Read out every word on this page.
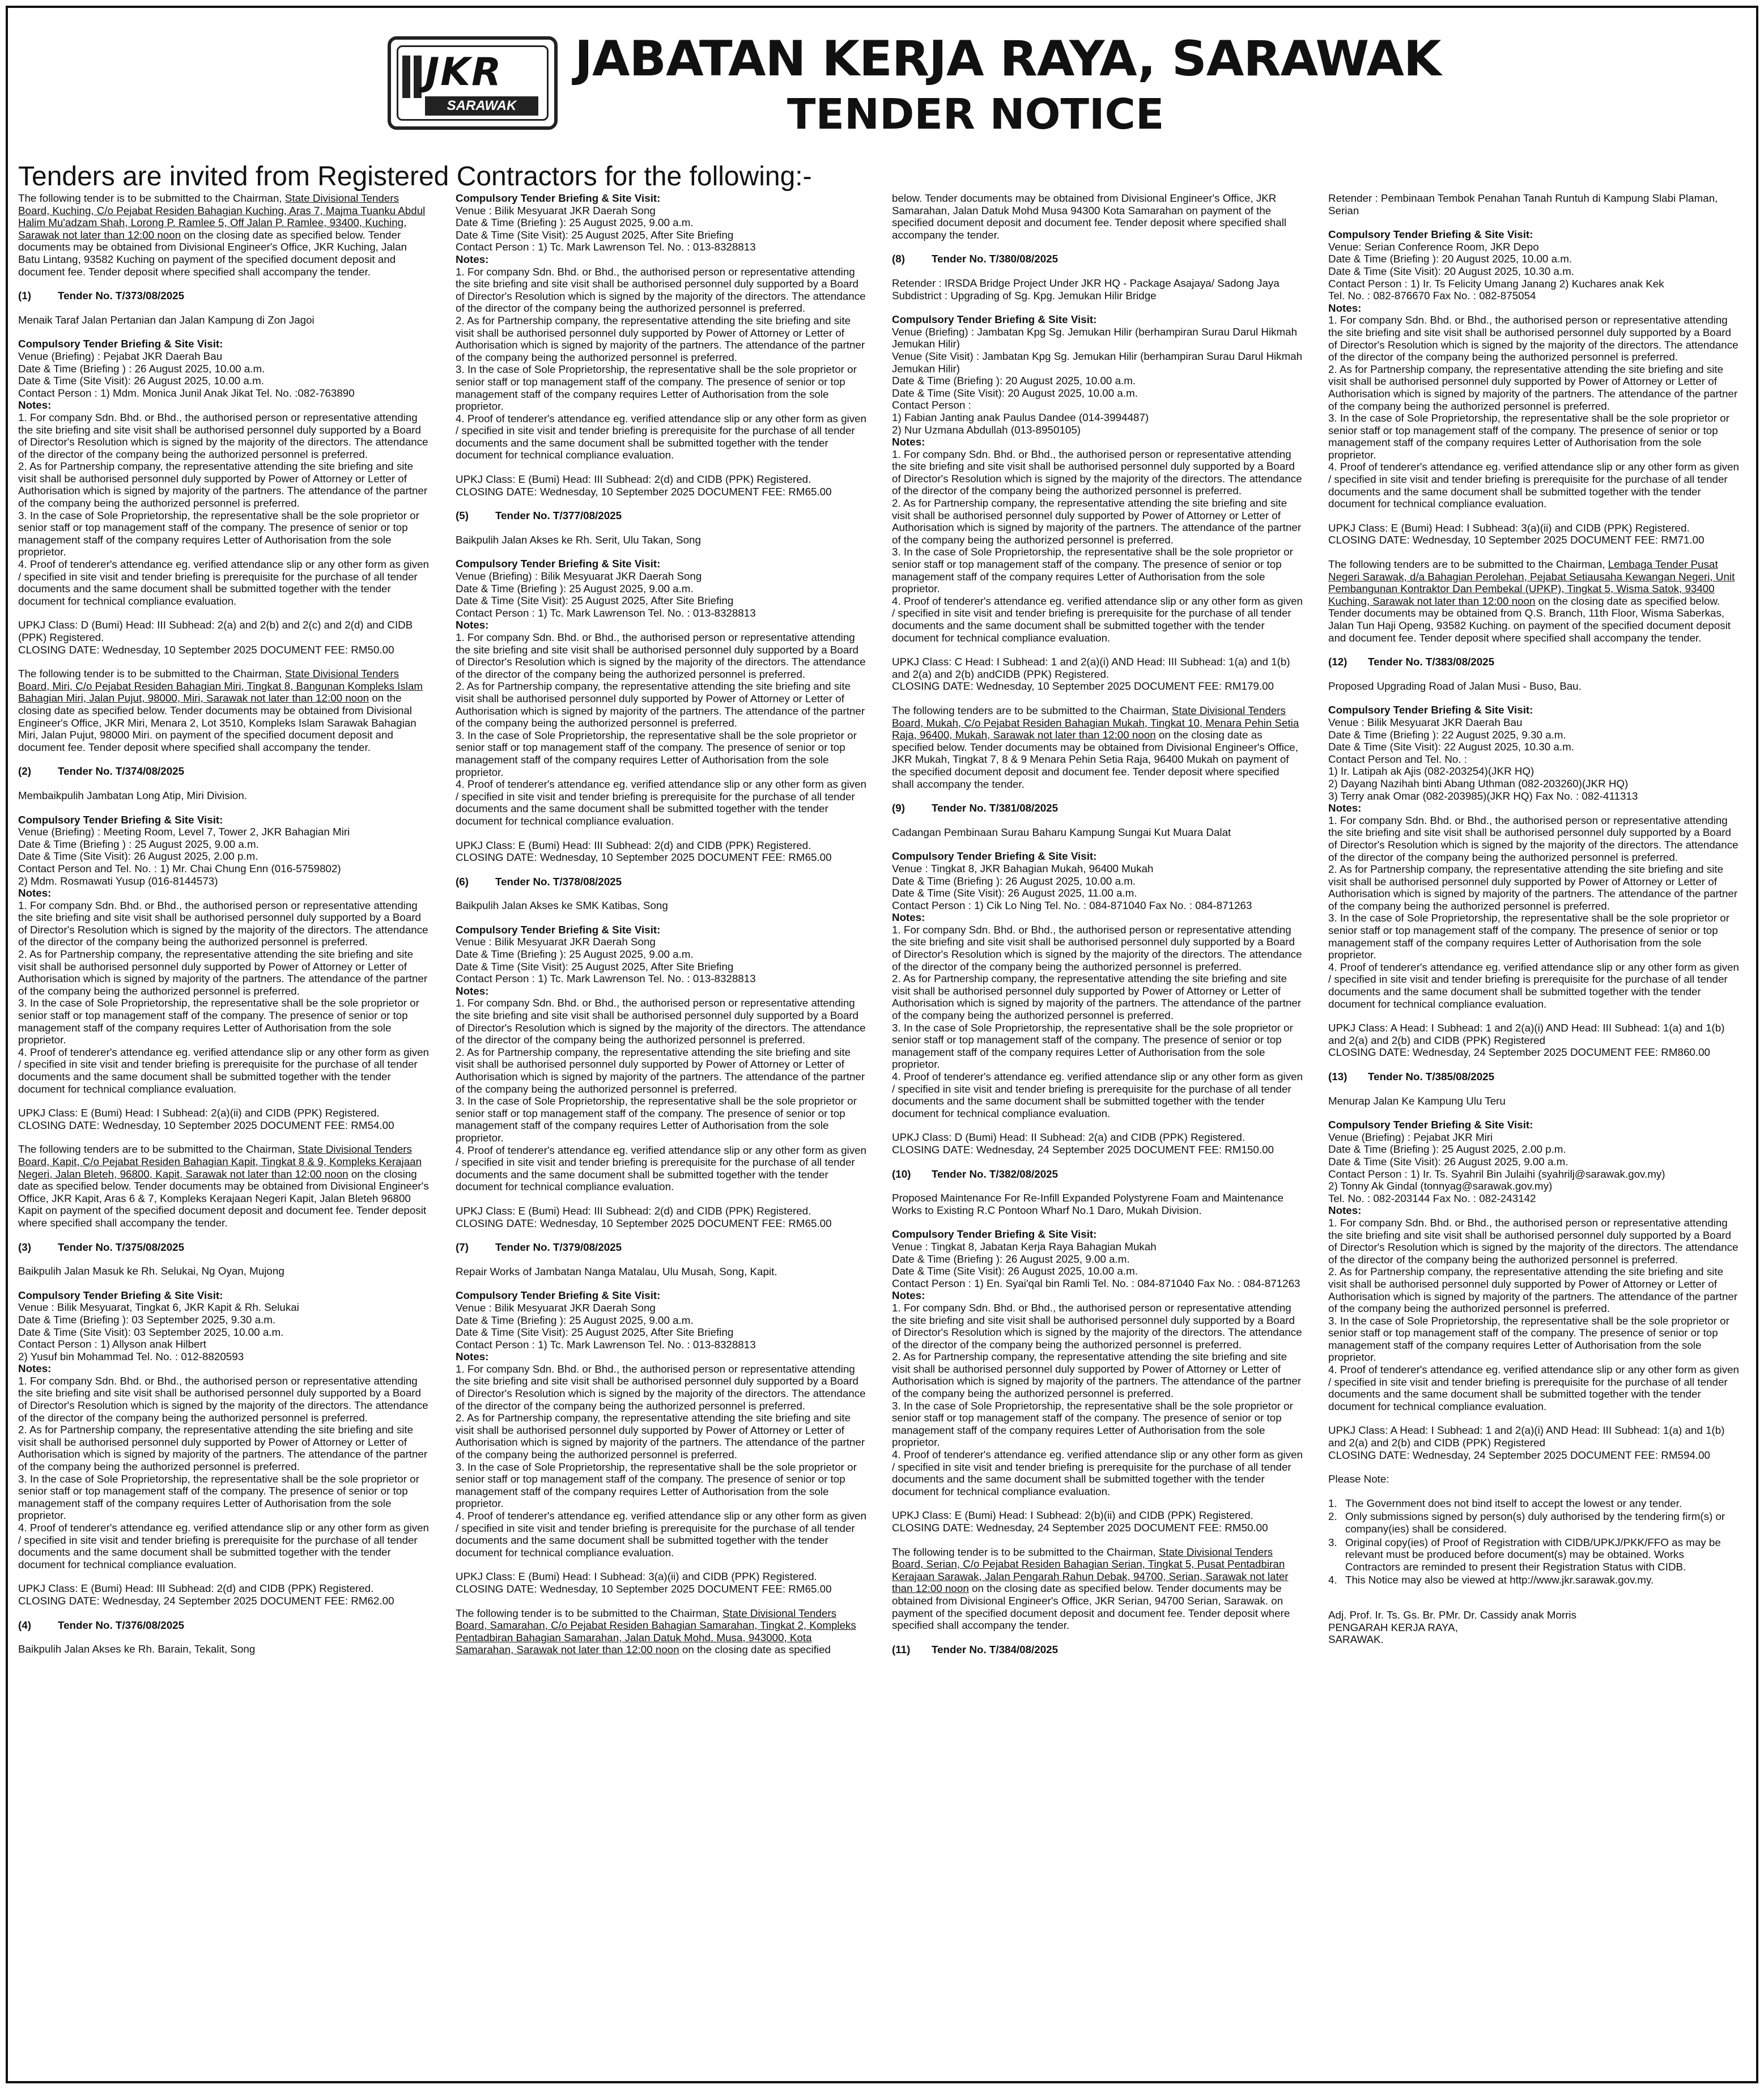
JKR
SARAWAK
JABATAN KERJA RAYA, SARAWAK
TENDER NOTICE
Tenders are invited from Registered Contractors for the following:-

The following tender is to be submitted to the Chairman, State Divisional Tenders Board, Kuching, C/o Pejabat Residen Bahagian Kuching, Aras 7, Majma Tuanku Abdul Halim Mu'adzam Shah, Lorong P. Ramlee 5, Off Jalan P. Ramlee, 93400, Kuching, Sarawak not later than 12:00 noon on the closing date as specified below. Tender documents may be obtained from Divisional Engineer's Office, JKR Kuching, Jalan Batu Lintang, 93582 Kuching on payment of the specified document deposit and document fee. Tender deposit where specified shall accompany the tender.

(1)	Tender No. T/373/08/2025

Menaik Taraf Jalan Pertanian dan Jalan Kampung di Zon Jagoi

Compulsory Tender Briefing & Site Visit:
Venue (Briefing) : Pejabat JKR Daerah Bau
Date & Time (Briefing ) : 26 August 2025, 10.00 a.m.
Date & Time (Site Visit): 26 August 2025, 10.00 a.m.
Contact Person : 1) Mdm. Monica Junil Anak Jikat Tel. No. :082-763890
Notes:
1. For company Sdn. Bhd. or Bhd., the authorised person or representative attending the site briefing and site visit shall be authorised personnel duly supported by a Board of Director's Resolution which is signed by the majority of the directors. The attendance of the director of the company being the authorized personnel is preferred.
2. As for Partnership company, the representative attending the site briefing and site visit shall be authorised personnel duly supported by Power of Attorney or Letter of Authorisation which is signed by majority of the partners. The attendance of the partner of the company being the authorized personnel is preferred.
3. In the case of Sole Proprietorship, the representative shall be the sole proprietor or senior staff or top management staff of the company. The presence of senior or top management staff of the company requires Letter of Authorisation from the sole proprietor.
4. Proof of tenderer's attendance eg. verified attendance slip or any other form as given / specified in site visit and tender briefing is prerequisite for the purchase of all tender documents and the same document shall be submitted together with the tender document for technical compliance evaluation.
UPKJ Class: D (Bumi) Head: III Subhead: 2(a) and 2(b) and 2(c) and 2(d) and CIDB (PPK) Registered.
CLOSING DATE: Wednesday, 10 September 2025 DOCUMENT FEE: RM50.00

The following tender is to be submitted to the Chairman, State Divisional Tenders Board, Miri, C/o Pejabat Residen Bahagian Miri, Tingkat 8, Bangunan Kompleks Islam Bahagian Miri, Jalan Pujut, 98000, Miri, Sarawak not later than 12:00 noon on the closing date as specified below. Tender documents may be obtained from Divisional Engineer's Office, JKR Miri, Menara 2, Lot 3510, Kompleks Islam Sarawak Bahagian Miri, Jalan Pujut, 98000 Miri. on payment of the specified document deposit and document fee. Tender deposit where specified shall accompany the tender.

(2)	Tender No. T/374/08/2025

Membaikpulih Jambatan Long Atip, Miri Division.

Compulsory Tender Briefing & Site Visit:
Venue (Briefing) : Meeting Room, Level 7, Tower 2, JKR Bahagian Miri
Date & Time (Briefing ) : 25 August 2025, 9.00 a.m.
Date & Time (Site Visit): 26 August 2025, 2.00 p.m.
Contact Person and Tel. No. : 1) Mr. Chai Chung Enn (016-5759802)
2) Mdm. Rosmawati Yusup (016-8144573)
Notes:
1. For company Sdn. Bhd. or Bhd., the authorised person or representative attending the site briefing and site visit shall be authorised personnel duly supported by a Board of Director's Resolution which is signed by the majority of the directors. The attendance of the director of the company being the authorized personnel is preferred.
2. As for Partnership company, the representative attending the site briefing and site visit shall be authorised personnel duly supported by Power of Attorney or Letter of Authorisation which is signed by majority of the partners. The attendance of the partner of the company being the authorized personnel is preferred.
3. In the case of Sole Proprietorship, the representative shall be the sole proprietor or senior staff or top management staff of the company. The presence of senior or top management staff of the company requires Letter of Authorisation from the sole proprietor.
4. Proof of tenderer's attendance eg. verified attendance slip or any other form as given / specified in site visit and tender briefing is prerequisite for the purchase of all tender documents and the same document shall be submitted together with the tender document for technical compliance evaluation.
UPKJ Class: E (Bumi) Head: I Subhead: 2(a)(ii) and CIDB (PPK) Registered.
CLOSING DATE: Wednesday, 10 September 2025 DOCUMENT FEE: RM54.00

The following tenders are to be submitted to the Chairman, State Divisional Tenders Board, Kapit, C/o Pejabat Residen Bahagian Kapit, Tingkat 8 & 9, Kompleks Kerajaan Negeri, Jalan Bleteh, 96800, Kapit, Sarawak not later than 12:00 noon on the closing date as specified below. Tender documents may be obtained from Divisional Engineer's Office, JKR Kapit, Aras 6 & 7, Kompleks Kerajaan Negeri Kapit, Jalan Bleteh 96800 Kapit on payment of the specified document deposit and document fee. Tender deposit where specified shall accompany the tender.

(3)	Tender No. T/375/08/2025

Baikpulih Jalan Masuk ke Rh. Selukai, Ng Oyan, Mujong

Compulsory Tender Briefing & Site Visit:
Venue : Bilik Mesyuarat, Tingkat 6, JKR Kapit & Rh. Selukai
Date & Time (Briefing ): 03 September 2025, 9.30 a.m.
Date & Time (Site Visit): 03 September 2025, 10.00 a.m.
Contact Person : 1) Allyson anak Hilbert
2) Yusuf bin Mohammad Tel. No. : 012-8820593
Notes:
1. For company Sdn. Bhd. or Bhd., the authorised person or representative attending the site briefing and site visit shall be authorised personnel duly supported by a Board of Director's Resolution which is signed by the majority of the directors. The attendance of the director of the company being the authorized personnel is preferred.
2. As for Partnership company, the representative attending the site briefing and site visit shall be authorised personnel duly supported by Power of Attorney or Letter of Authorisation which is signed by majority of the partners. The attendance of the partner of the company being the authorized personnel is preferred.
3. In the case of Sole Proprietorship, the representative shall be the sole proprietor or senior staff or top management staff of the company. The presence of senior or top management staff of the company requires Letter of Authorisation from the sole proprietor.
4. Proof of tenderer's attendance eg. verified attendance slip or any other form as given / specified in site visit and tender briefing is prerequisite for the purchase of all tender documents and the same document shall be submitted together with the tender document for technical compliance evaluation.
UPKJ Class: E (Bumi) Head: III Subhead: 2(d) and CIDB (PPK) Registered.
CLOSING DATE: Wednesday, 24 September 2025 DOCUMENT FEE: RM62.00
(4)	Tender No. T/376/08/2025

Baikpulih Jalan Akses ke Rh. Barain, Tekalit, Song

Compulsory Tender Briefing & Site Visit:
Venue : Bilik Mesyuarat JKR Daerah Song
Date & Time (Briefing ): 25 August 2025, 9.00 a.m.
Date & Time (Site Visit): 25 August 2025, After Site Briefing
Contact Person : 1) Tc. Mark Lawrenson Tel. No. : 013-8328813
Notes:
1. For company Sdn. Bhd. or Bhd., the authorised person or representative attending the site briefing and site visit shall be authorised personnel duly supported by a Board of Director's Resolution which is signed by the majority of the directors. The attendance of the director of the company being the authorized personnel is preferred.
2. As for Partnership company, the representative attending the site briefing and site visit shall be authorised personnel duly supported by Power of Attorney or Letter of Authorisation which is signed by majority of the partners. The attendance of the partner of the company being the authorized personnel is preferred.
3. In the case of Sole Proprietorship, the representative shall be the sole proprietor or senior staff or top management staff of the company. The presence of senior or top management staff of the company requires Letter of Authorisation from the sole proprietor.
4. Proof of tenderer's attendance eg. verified attendance slip or any other form as given / specified in site visit and tender briefing is prerequisite for the purchase of all tender documents and the same document shall be submitted together with the tender document for technical compliance evaluation.
UPKJ Class: E (Bumi) Head: III Subhead: 2(d) and CIDB (PPK) Registered.
CLOSING DATE: Wednesday, 10 September 2025 DOCUMENT FEE: RM65.00
(5)	Tender No. T/377/08/2025

Baikpulih Jalan Akses ke Rh. Serit, Ulu Takan, Song

Compulsory Tender Briefing & Site Visit:
Venue (Briefing) : Bilik Mesyuarat JKR Daerah Song
Date & Time (Briefing ): 25 August 2025, 9.00 a.m.
Date & Time (Site Visit): 25 August 2025, After Site Briefing
Contact Person : 1) Tc. Mark Lawrenson Tel. No. : 013-8328813
Notes:
1. For company Sdn. Bhd. or Bhd., the authorised person or representative attending the site briefing and site visit shall be authorised personnel duly supported by a Board of Director's Resolution which is signed by the majority of the directors. The attendance of the director of the company being the authorized personnel is preferred.
2. As for Partnership company, the representative attending the site briefing and site visit shall be authorised personnel duly supported by Power of Attorney or Letter of Authorisation which is signed by majority of the partners. The attendance of the partner of the company being the authorized personnel is preferred.
3. In the case of Sole Proprietorship, the representative shall be the sole proprietor or senior staff or top management staff of the company. The presence of senior or top management staff of the company requires Letter of Authorisation from the sole proprietor.
4. Proof of tenderer's attendance eg. verified attendance slip or any other form as given / specified in site visit and tender briefing is prerequisite for the purchase of all tender documents and the same document shall be submitted together with the tender document for technical compliance evaluation.
UPKJ Class: E (Bumi) Head: III Subhead: 2(d) and CIDB (PPK) Registered.
CLOSING DATE: Wednesday, 10 September 2025 DOCUMENT FEE: RM65.00
(6)	Tender No. T/378/08/2025

Baikpulih Jalan Akses ke SMK Katibas, Song

Compulsory Tender Briefing & Site Visit:
Venue : Bilik Mesyuarat JKR Daerah Song
Date & Time (Briefing ): 25 August 2025, 9.00 a.m.
Date & Time (Site Visit): 25 August 2025, After Site Briefing
Contact Person : 1) Tc. Mark Lawrenson Tel. No. : 013-8328813
Notes:
1. For company Sdn. Bhd. or Bhd., the authorised person or representative attending the site briefing and site visit shall be authorised personnel duly supported by a Board of Director's Resolution which is signed by the majority of the directors. The attendance of the director of the company being the authorized personnel is preferred.
2. As for Partnership company, the representative attending the site briefing and site visit shall be authorised personnel duly supported by Power of Attorney or Letter of Authorisation which is signed by majority of the partners. The attendance of the partner of the company being the authorized personnel is preferred.
3. In the case of Sole Proprietorship, the representative shall be the sole proprietor or senior staff or top management staff of the company. The presence of senior or top management staff of the company requires Letter of Authorisation from the sole proprietor.
4. Proof of tenderer's attendance eg. verified attendance slip or any other form as given / specified in site visit and tender briefing is prerequisite for the purchase of all tender documents and the same document shall be submitted together with the tender document for technical compliance evaluation.
UPKJ Class: E (Bumi) Head: III Subhead: 2(d) and CIDB (PPK) Registered.
CLOSING DATE: Wednesday, 10 September 2025 DOCUMENT FEE: RM65.00
(7)	Tender No. T/379/08/2025

Repair Works of Jambatan Nanga Matalau, Ulu Musah, Song, Kapit.

Compulsory Tender Briefing & Site Visit:
Venue : Bilik Mesyuarat JKR Daerah Song
Date & Time (Briefing ): 25 August 2025, 9.00 a.m.
Date & Time (Site Visit): 25 August 2025, After Site Briefing
Contact Person : 1) Tc. Mark Lawrenson Tel. No. : 013-8328813
Notes:
1. For company Sdn. Bhd. or Bhd., the authorised person or representative attending the site briefing and site visit shall be authorised personnel duly supported by a Board of Director's Resolution which is signed by the majority of the directors. The attendance of the director of the company being the authorized personnel is preferred.
2. As for Partnership company, the representative attending the site briefing and site visit shall be authorised personnel duly supported by Power of Attorney or Letter of Authorisation which is signed by majority of the partners. The attendance of the partner of the company being the authorized personnel is preferred.
3. In the case of Sole Proprietorship, the representative shall be the sole proprietor or senior staff or top management staff of the company. The presence of senior or top management staff of the company requires Letter of Authorisation from the sole proprietor.
4. Proof of tenderer's attendance eg. verified attendance slip or any other form as given / specified in site visit and tender briefing is prerequisite for the purchase of all tender documents and the same document shall be submitted together with the tender document for technical compliance evaluation.
UPKJ Class: E (Bumi) Head: I Subhead: 3(a)(ii) and CIDB (PPK) Registered.
CLOSING DATE: Wednesday, 10 September 2025 DOCUMENT FEE: RM65.00

The following tender is to be submitted to the Chairman, State Divisional Tenders Board, Samarahan, C/o Pejabat Residen Bahagian Samarahan, Tingkat 2, Kompleks Pentadbiran Bahagian Samarahan, Jalan Datuk Mohd. Musa, 943000, Kota Samarahan, Sarawak not later than 12:00 noon on the closing date as specified

below. Tender documents may be obtained from Divisional Engineer's Office, JKR Samarahan, Jalan Datuk Mohd Musa 94300 Kota Samarahan on payment of the specified document deposit and document fee. Tender deposit where specified shall accompany the tender.

(8)	Tender No. T/380/08/2025

Retender : IRSDA Bridge Project Under JKR HQ - Package Asajaya/ Sadong Jaya Subdistrict : Upgrading of Sg. Kpg. Jemukan Hilir Bridge

Compulsory Tender Briefing & Site Visit:
Venue (Briefing) : Jambatan Kpg Sg. Jemukan Hilir (berhampiran Surau Darul Hikmah Jemukan Hilir)
Venue (Site Visit) : Jambatan Kpg Sg. Jemukan Hilir (berhampiran Surau Darul Hikmah Jemukan Hilir)
Date & Time (Briefing ): 20 August 2025, 10.00 a.m.
Date & Time (Site Visit): 20 August 2025, 10.00 a.m.
Contact Person :
1) Fabian Janting anak Paulus Dandee (014-3994487)
2) Nur Uzmana Abdullah (013-8950105)
Notes:
1. For company Sdn. Bhd. or Bhd., the authorised person or representative attending the site briefing and site visit shall be authorised personnel duly supported by a Board of Director's Resolution which is signed by the majority of the directors. The attendance of the director of the company being the authorized personnel is preferred.
2. As for Partnership company, the representative attending the site briefing and site visit shall be authorised personnel duly supported by Power of Attorney or Letter of Authorisation which is signed by majority of the partners. The attendance of the partner of the company being the authorized personnel is preferred.
3. In the case of Sole Proprietorship, the representative shall be the sole proprietor or senior staff or top management staff of the company. The presence of senior or top management staff of the company requires Letter of Authorisation from the sole proprietor.
4. Proof of tenderer's attendance eg. verified attendance slip or any other form as given / specified in site visit and tender briefing is prerequisite for the purchase of all tender documents and the same document shall be submitted together with the tender document for technical compliance evaluation.
UPKJ Class: C Head: I Subhead: 1 and 2(a)(i) AND Head: III Subhead: 1(a) and 1(b) and 2(a) and 2(b) andCIDB (PPK) Registered.
CLOSING DATE: Wednesday, 10 September 2025 DOCUMENT FEE: RM179.00

The following tenders are to be submitted to the Chairman, State Divisional Tenders Board, Mukah, C/o Pejabat Residen Bahagian Mukah, Tingkat 10, Menara Pehin Setia Raja, 96400, Mukah, Sarawak not later than 12:00 noon on the closing date as specified below. Tender documents may be obtained from Divisional Engineer's Office, JKR Mukah, Tingkat 7, 8 & 9 Menara Pehin Setia Raja, 96400 Mukah on payment of the specified document deposit and document fee. Tender deposit where specified shall accompany the tender.

(9)	Tender No. T/381/08/2025

Cadangan Pembinaan Surau Baharu Kampung Sungai Kut Muara Dalat

Compulsory Tender Briefing & Site Visit:
Venue : Tingkat 8, JKR Bahagian Mukah, 96400 Mukah
Date & Time (Briefing ): 26 August 2025, 10.00 a.m.
Date & Time (Site Visit): 26 August 2025, 11.00 a.m.
Contact Person : 1) Cik Lo Ning Tel. No. : 084-871040 Fax No. : 084-871263
Notes:
1. For company Sdn. Bhd. or Bhd., the authorised person or representative attending the site briefing and site visit shall be authorised personnel duly supported by a Board of Director's Resolution which is signed by the majority of the directors. The attendance of the director of the company being the authorized personnel is preferred.
2. As for Partnership company, the representative attending the site briefing and site visit shall be authorised personnel duly supported by Power of Attorney or Letter of Authorisation which is signed by majority of the partners. The attendance of the partner of the company being the authorized personnel is preferred.
3. In the case of Sole Proprietorship, the representative shall be the sole proprietor or senior staff or top management staff of the company. The presence of senior or top management staff of the company requires Letter of Authorisation from the sole proprietor.
4. Proof of tenderer's attendance eg. verified attendance slip or any other form as given / specified in site visit and tender briefing is prerequisite for the purchase of all tender documents and the same document shall be submitted together with the tender document for technical compliance evaluation.
UPKJ Class: D (Bumi) Head: II Subhead: 2(a) and CIDB (PPK) Registered.
CLOSING DATE: Wednesday, 24 September 2025 DOCUMENT FEE: RM150.00
(10) Tender No. T/382/08/2025

Proposed Maintenance For Re-Infill Expanded Polystyrene Foam and Maintenance Works to Existing R.C Pontoon Wharf No.1 Daro, Mukah Division.

Compulsory Tender Briefing & Site Visit:
Venue : Tingkat 8, Jabatan Kerja Raya Bahagian Mukah
Date & Time (Briefing ): 26 August 2025, 9.00 a.m.
Date & Time (Site Visit): 26 August 2025, 10.00 a.m.
Contact Person : 1) En. Syai'qal bin Ramli Tel. No. : 084-871040 Fax No. : 084-871263
Notes:
1. For company Sdn. Bhd. or Bhd., the authorised person or representative attending the site briefing and site visit shall be authorised personnel duly supported by a Board of Director's Resolution which is signed by the majority of the directors. The attendance of the director of the company being the authorized personnel is preferred.
2. As for Partnership company, the representative attending the site briefing and site visit shall be authorised personnel duly supported by Power of Attorney or Letter of Authorisation which is signed by majority of the partners. The attendance of the partner of the company being the authorized personnel is preferred.
3. In the case of Sole Proprietorship, the representative shall be the sole proprietor or senior staff or top management staff of the company. The presence of senior or top management staff of the company requires Letter of Authorisation from the sole proprietor.
4. Proof of tenderer's attendance eg. verified attendance slip or any other form as given / specified in site visit and tender briefing is prerequisite for the purchase of all tender documents and the same document shall be submitted together with the tender document for technical compliance evaluation.
UPKJ Class: E (Bumi) Head: I Subhead: 2(b)(ii) and CIDB (PPK) Registered.
CLOSING DATE: Wednesday, 24 September 2025 DOCUMENT FEE: RM50.00

The following tender is to be submitted to the Chairman, State Divisional Tenders Board, Serian, C/o Pejabat Residen Bahagian Serian, Tingkat 5, Pusat Pentadbiran Kerajaan Sarawak, Jalan Pengarah Rahun Debak, 94700, Serian, Sarawak not later than 12:00 noon on the closing date as specified below. Tender documents may be obtained from Divisional Engineer's Office, JKR Serian, 94700 Serian, Sarawak. on payment of the specified document deposit and document fee. Tender deposit where specified shall accompany the tender.

(11) Tender No. T/384/08/2025

Retender : Pembinaan Tembok Penahan Tanah Runtuh di Kampung Slabi Plaman, Serian

Compulsory Tender Briefing & Site Visit:
Venue: Serian Conference Room, JKR Depo
Date & Time (Briefing ): 20 August 2025, 10.00 a.m.
Date & Time (Site Visit): 20 August 2025, 10.30 a.m.
Contact Person : 1) Ir. Ts Felicity Umang Janang 2) Kuchares anak Kek
Tel. No. : 082-876670 Fax No. : 082-875054
Notes:
1. For company Sdn. Bhd. or Bhd., the authorised person or representative attending the site briefing and site visit shall be authorised personnel duly supported by a Board of Director's Resolution which is signed by the majority of the directors. The attendance of the director of the company being the authorized personnel is preferred.
2. As for Partnership company, the representative attending the site briefing and site visit shall be authorised personnel duly supported by Power of Attorney or Letter of Authorisation which is signed by majority of the partners. The attendance of the partner of the company being the authorized personnel is preferred.
3. In the case of Sole Proprietorship, the representative shall be the sole proprietor or senior staff or top management staff of the company. The presence of senior or top management staff of the company requires Letter of Authorisation from the sole proprietor.
4. Proof of tenderer's attendance eg. verified attendance slip or any other form as given / specified in site visit and tender briefing is prerequisite for the purchase of all tender documents and the same document shall be submitted together with the tender document for technical compliance evaluation.
UPKJ Class: E (Bumi) Head: I Subhead: 3(a)(ii) and CIDB (PPK) Registered.
CLOSING DATE: Wednesday, 10 September 2025 DOCUMENT FEE: RM71.00

The following tenders are to be submitted to the Chairman, Lembaga Tender Pusat Negeri Sarawak, d/a Bahagian Perolehan, Pejabat Setiausaha Kewangan Negeri, Unit Pembangunan Kontraktor Dan Pembekal (UPKP), Tingkat 5, Wisma Satok, 93400 Kuching, Sarawak not later than 12:00 noon on the closing date as specified below. Tender documents may be obtained from Q.S. Branch, 11th Floor, Wisma Saberkas, Jalan Tun Haji Openg, 93582 Kuching. on payment of the specified document deposit and document fee. Tender deposit where specified shall accompany the tender.

(12) Tender No. T/383/08/2025

Proposed Upgrading Road of Jalan Musi - Buso, Bau.

Compulsory Tender Briefing & Site Visit:
Venue : Bilik Mesyuarat JKR Daerah Bau
Date & Time (Briefing ): 22 August 2025, 9.30 a.m.
Date & Time (Site Visit): 22 August 2025, 10.30 a.m.
Contact Person and Tel. No. :
1) Ir. Latipah ak Ajis (082-203254)(JKR HQ)
2) Dayang Nazihah binti Abang Uthman (082-203260)(JKR HQ)
3) Terry anak Omar (082-203985)(JKR HQ) Fax No. : 082-411313
Notes:
1. For company Sdn. Bhd. or Bhd., the authorised person or representative attending the site briefing and site visit shall be authorised personnel duly supported by a Board of Director's Resolution which is signed by the majority of the directors. The attendance of the director of the company being the authorized personnel is preferred.
2. As for Partnership company, the representative attending the site briefing and site visit shall be authorised personnel duly supported by Power of Attorney or Letter of Authorisation which is signed by majority of the partners. The attendance of the partner of the company being the authorized personnel is preferred.
3. In the case of Sole Proprietorship, the representative shall be the sole proprietor or senior staff or top management staff of the company. The presence of senior or top management staff of the company requires Letter of Authorisation from the sole proprietor.
4. Proof of tenderer's attendance eg. verified attendance slip or any other form as given / specified in site visit and tender briefing is prerequisite for the purchase of all tender documents and the same document shall be submitted together with the tender document for technical compliance evaluation.
UPKJ Class: A Head: I Subhead: 1 and 2(a)(i) AND Head: III Subhead: 1(a) and 1(b) and 2(a) and 2(b) and CIDB (PPK) Registered
CLOSING DATE: Wednesday, 24 September 2025 DOCUMENT FEE: RM860.00
(13) Tender No. T/385/08/2025

Menurap Jalan Ke Kampung Ulu Teru

Compulsory Tender Briefing & Site Visit:
Venue (Briefing) : Pejabat JKR Miri
Date & Time (Briefing ): 25 August 2025, 2.00 p.m.
Date & Time (Site Visit): 26 August 2025, 9.00 a.m.
Contact Person : 1) Ir. Ts. Syahril Bin Julaihi (syahrilj@sarawak.gov.my)
2) Tonny Ak Gindal (tonnyag@sarawak.gov.my)
Tel. No. : 082-203144 Fax No. : 082-243142
Notes:
1. For company Sdn. Bhd. or Bhd., the authorised person or representative attending the site briefing and site visit shall be authorised personnel duly supported by a Board of Director's Resolution which is signed by the majority of the directors. The attendance of the director of the company being the authorized personnel is preferred.
2. As for Partnership company, the representative attending the site briefing and site visit shall be authorised personnel duly supported by Power of Attorney or Letter of Authorisation which is signed by majority of the partners. The attendance of the partner of the company being the authorized personnel is preferred.
3. In the case of Sole Proprietorship, the representative shall be the sole proprietor or senior staff or top management staff of the company. The presence of senior or top management staff of the company requires Letter of Authorisation from the sole proprietor.
4. Proof of tenderer's attendance eg. verified attendance slip or any other form as given / specified in site visit and tender briefing is prerequisite for the purchase of all tender documents and the same document shall be submitted together with the tender document for technical compliance evaluation.
UPKJ Class: A Head: I Subhead: 1 and 2(a)(i) AND Head: III Subhead: 1(a) and 1(b) and 2(a) and 2(b) and CIDB (PPK) Registered
CLOSING DATE: Wednesday, 24 September 2025 DOCUMENT FEE: RM594.00

Please Note:

1. The Government does not bind itself to accept the lowest or any tender.
2. Only submissions signed by person(s) duly authorised by the tendering firm(s) or company(ies) shall be considered.
3. Original copy(ies) of Proof of Registration with CIDB/UPKJ/PKK/FFO as may be relevant must be produced before document(s) may be obtained. Works Contractors are reminded to present their Registration Status with CIDB.
4. This Notice may also be viewed at http://www.jkr.sarawak.gov.my.
Adj. Prof. Ir. Ts. Gs. Br. PMr. Dr. Cassidy anak Morris
PENGARAH KERJA RAYA,
SARAWAK.
